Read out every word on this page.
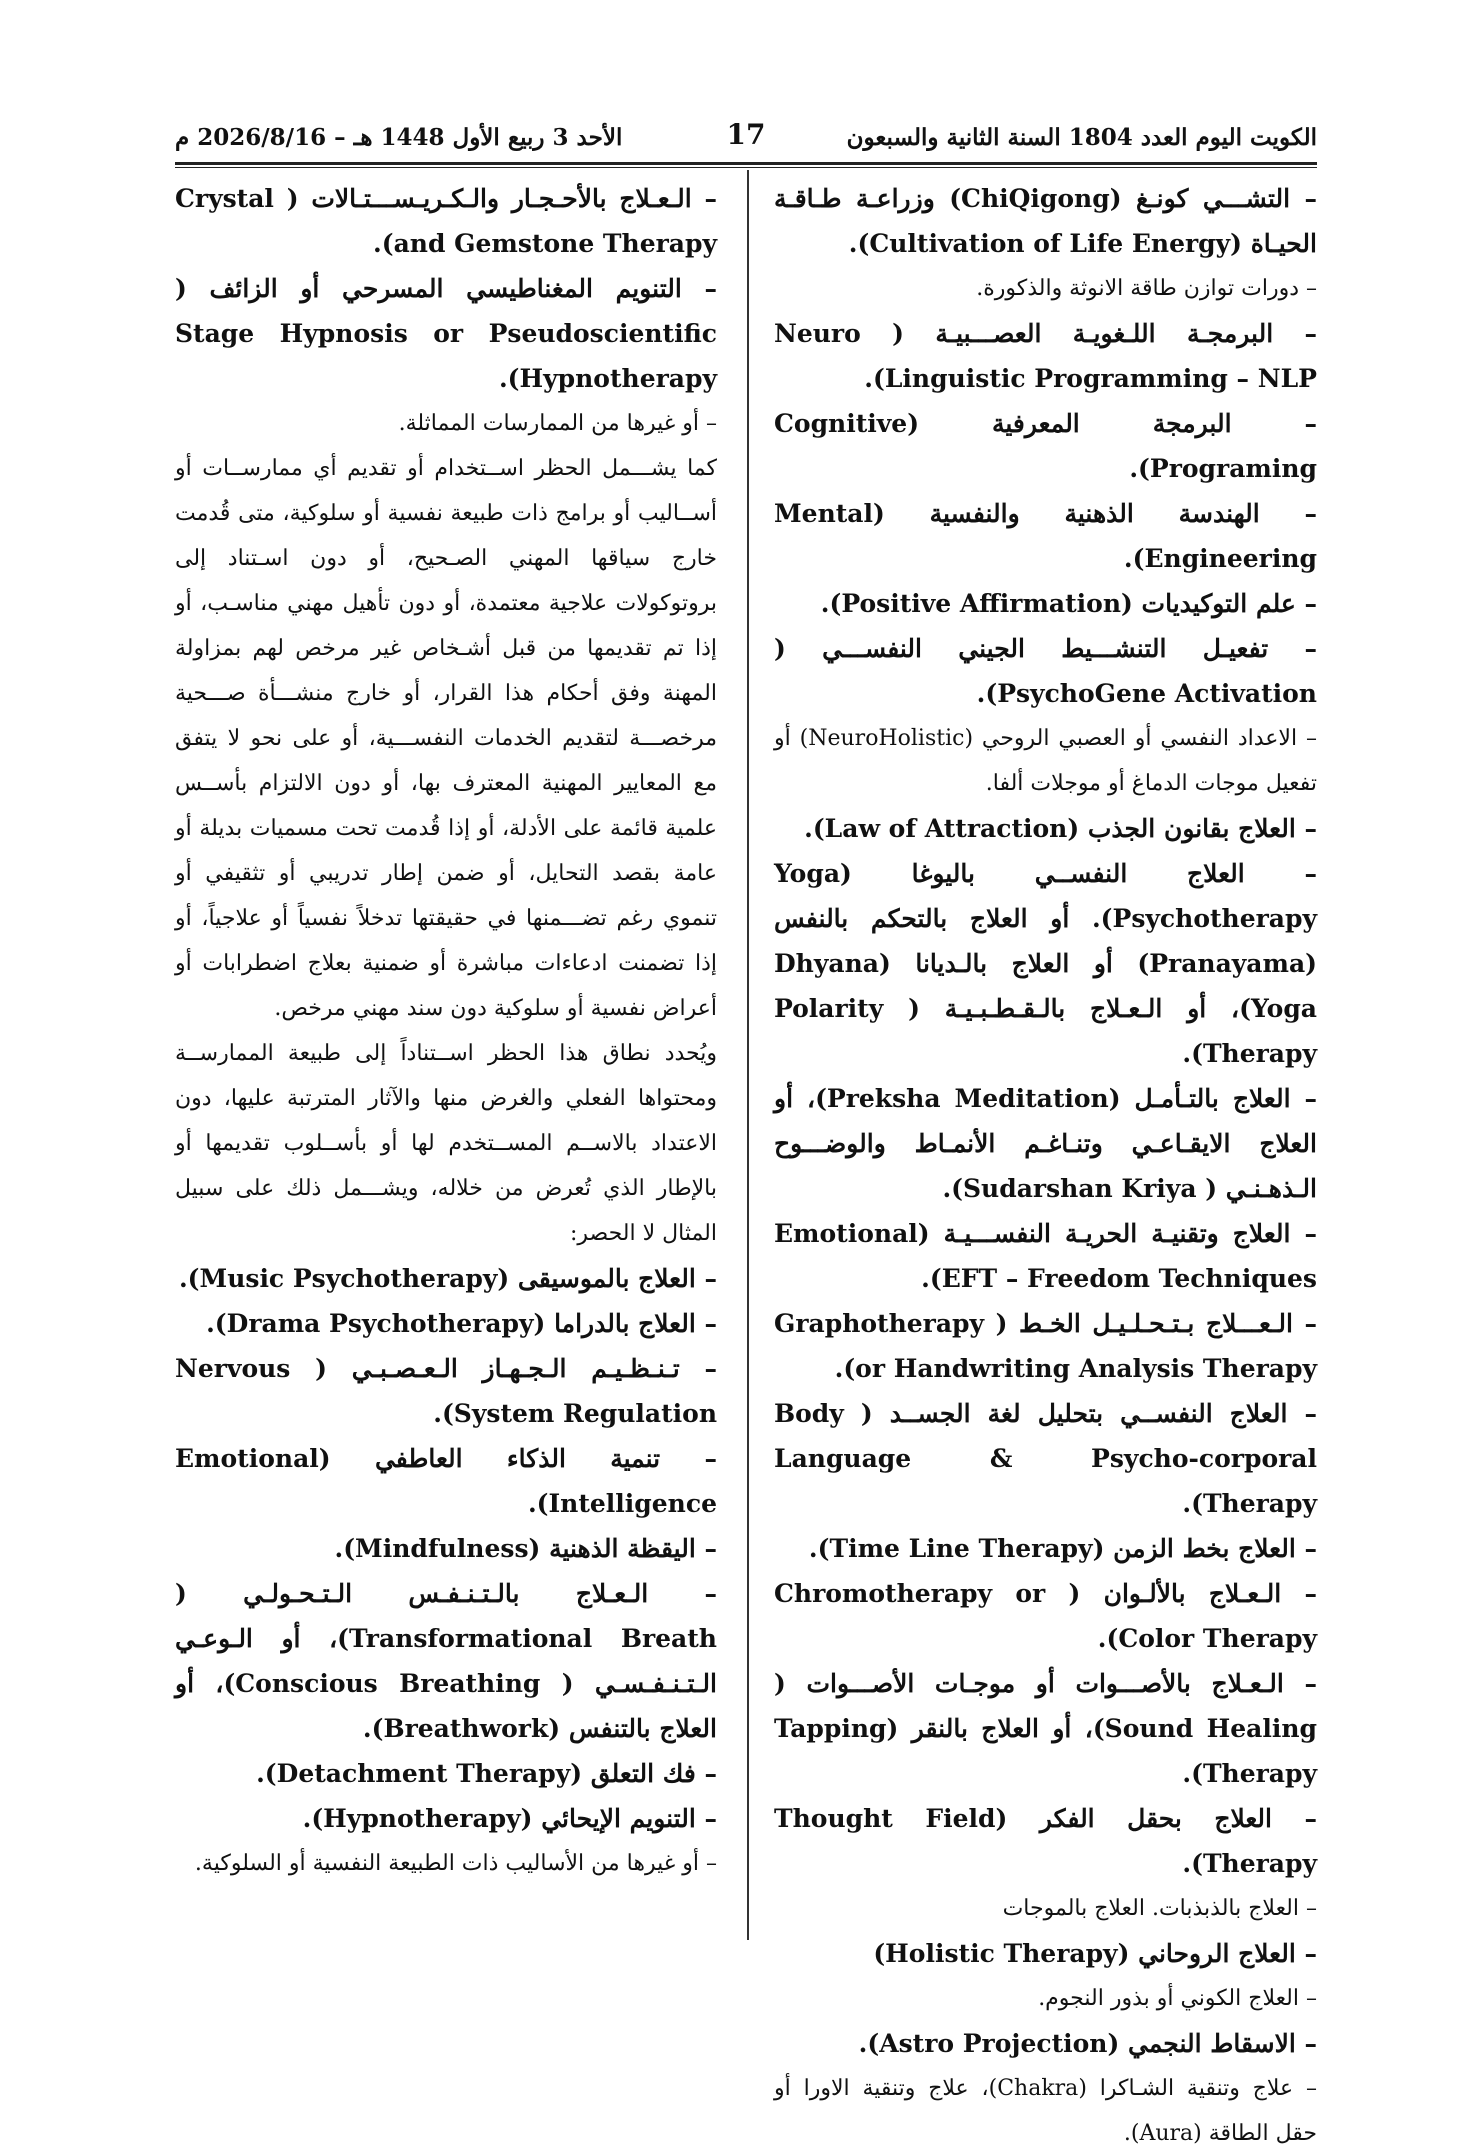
الكويت اليوم العدد 1804 السنة الثانية والسبعون
17
الأحد 3 ربيع الأول 1448 هـ – 2026/8/16 م

– التشـــي كونـغ (ChiQigong) وزراعـة طـاقـة الحيـاة (Cultivation of Life Energy).

– دورات توازن طاقة الانوثة والذكورة.

– البرمجـة اللـغويـة العصـــبيـة ( Neuro Linguistic Programming – NLP).

– البرمجة المعرفية (Cognitive Programing).

– الهندسة الذهنية والنفسية (Mental Engineering).

– علم التوكيديات (Positive Affirmation).

– تفعيـل التنشـــيط الجيني النفســـي ( PsychoGene Activation).

– الاعداد النفسي أو العصبي الروحي (NeuroHolistic) أو تفعيل موجات الدماغ أو موجلات ألفا.

– العلاج بقانون الجذب (Law of Attraction).

– العلاج النفســي باليوغا (Yoga Psychotherapy). أو العلاج بالتحكم بالنفس (Pranayama) أو العلاج بالـديانا (Dhyana Yoga)، أو الـعـلاج بالـقـطـبـيـة ( Polarity Therapy).

– العلاج بالتـأمـل (Preksha Meditation)، أو العلاج الايقـاعـي وتنـاغـم الأنمـاط والوضـــوح الـذهـنـي ( Sudarshan Kriya).

– العلاج وتقنيـة الحريـة النفســـيـة (Emotional EFT – Freedom Techniques).

– الـعـــلاج بـتـحـلـيـل الخـط ( Graphotherapy or Handwriting Analysis Therapy).

– العلاج النفســي بتحليل لغة الجســد ( Body Language & Psycho-corporal Therapy).

– العلاج بخط الزمن (Time Line Therapy).

– الـعـلاج بالألـوان ( Chromotherapy or Color Therapy).

– الـعـلاج بالأصـــوات أو موجـات الأصـــوات ( Sound Healing)، أو العلاج بالنقر (Tapping Therapy).

– العلاج بحقل الفكر (Thought Field Therapy).

– العلاج بالذبذبات. العلاج بالموجات

– العلاج الروحاني (Holistic Therapy)

– العلاج الكوني أو بذور النجوم.

– الاسقاط النجمي (Astro Projection).

– علاج وتنقية الشـاكرا (Chakra)، علاج وتنقية الاورا أو حقل الطاقة (Aura).

– الـعـلاج بالأحـجـار والـكـريـســـتـالات ( Crystal and Gemstone Therapy).

– التنويم المغناطيسي المسرحي أو الزائف ( Stage Hypnosis or Pseudoscientific Hypnotherapy).

– أو غيرها من الممارسات المماثلة.

كما يشـــمل الحظر اســتخدام أو تقديم أي ممارســات أو أســاليب أو برامج ذات طبيعة نفسية أو سلوكية، متى قُدمت خارج سياقها المهني الصـحيح، أو دون اسـتناد إلى بروتوكولات علاجية معتمدة، أو دون تأهيل مهني مناسـب، أو إذا تم تقديمها من قبل أشـخاص غير مرخص لهم بمزاولة المهنة وفق أحكام هذا القرار، أو خارج منشـــأة صـــحية مرخصـــة لتقديم الخدمات النفســـية، أو على نحو لا يتفق مع المعايير المهنية المعترف بها، أو دون الالتزام بأســس علمية قائمة على الأدلة، أو إذا قُدمت تحت مسميات بديلة أو عامة بقصد التحايل، أو ضمن إطار تدريبي أو تثقيفي أو تنموي رغم تضـــمنها في حقيقتها تدخلاً نفسياً أو علاجياً، أو إذا تضمنت ادعاءات مباشرة أو ضمنية بعلاج اضطرابات أو أعراض نفسية أو سلوكية دون سند مهني مرخص.

ويُحدد نطاق هذا الحظر اســتناداً إلى طبيعة الممارســة ومحتواها الفعلي والغرض منها والآثار المترتبة عليها، دون الاعتداد بالاســم المســتخدم لها أو بأســلوب تقديمها أو بالإطار الذي تُعرض من خلاله، ويشـــمل ذلك على سبيل المثال لا الحصر:

– العلاج بالموسيقى (Music Psychotherapy).

– العلاج بالدراما (Drama Psychotherapy).

– تـنـظـيـم الـجـهـاز الـعـصـبـي ( Nervous System Regulation).

– تنمية الذكاء العاطفي (Emotional Intelligence).

– اليقظة الذهنية (Mindfulness).

– الـعـلاج بالـتـنـفـس الـتـحـولـي ( Transformational Breath)، أو الـوعـي الـتـنـفـسـي ( Conscious Breathing)، أو العلاج بالتنفس (Breathwork).

– فك التعلق (Detachment Therapy).

– التنويم الإيحائي (Hypnotherapy).

– أو غيرها من الأساليب ذات الطبيعة النفسية أو السلوكية.
